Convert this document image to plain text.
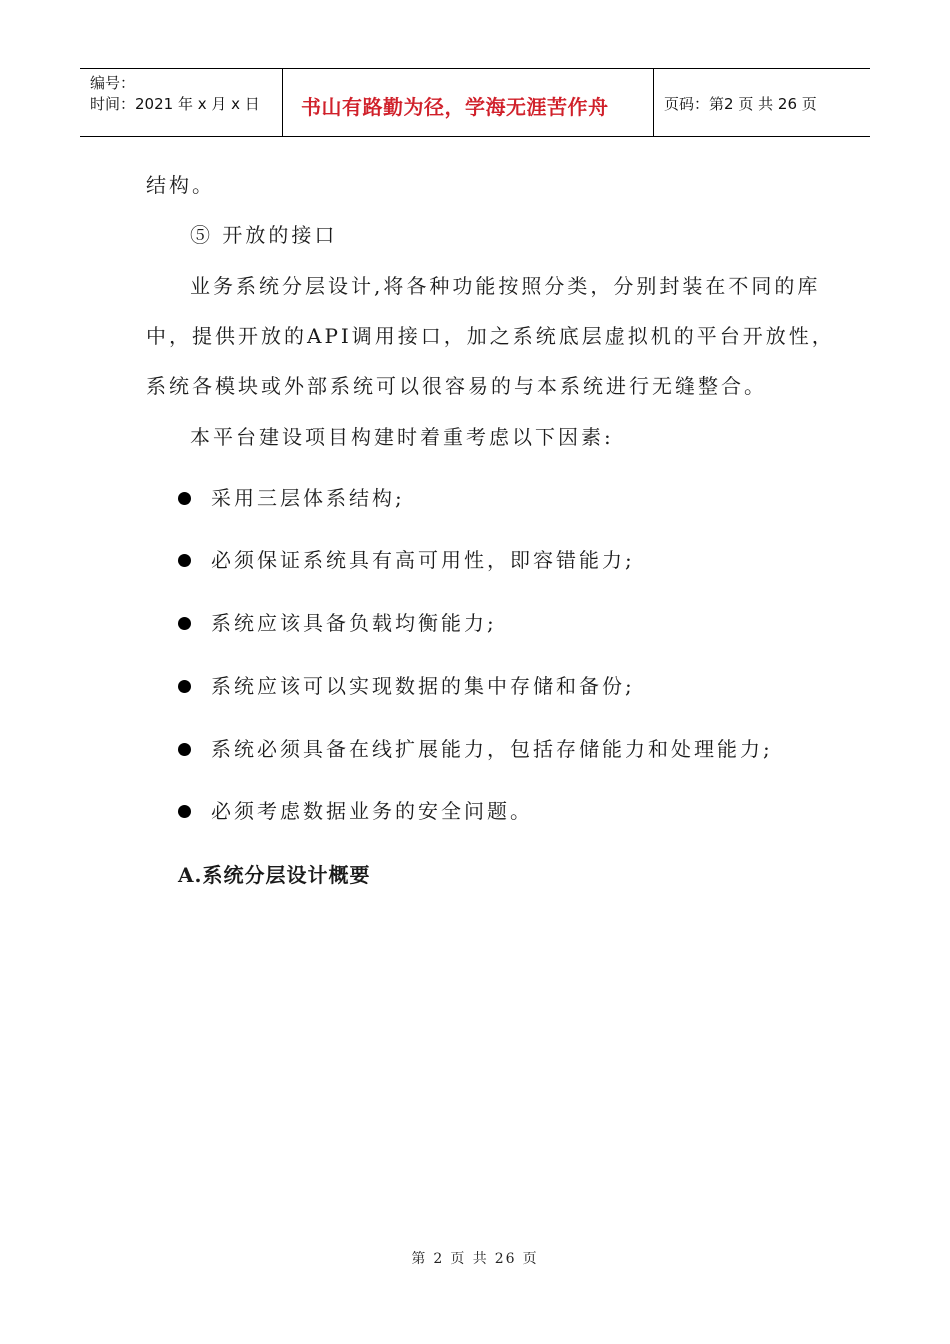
编号：
时间：2021 年 x 月 x 日 书山有路勤为径，学海无涯苦作舟	页码：第2 页 共 26 页
结构。
⑤ 开放的接口
业务系统分层设计,将各种功能按照分类，分别封装在不同的库
中，提供开放的API调用接口，加之系统底层虚拟机的平台开放性，
系统各模块或外部系统可以很容易的与本系统进行无缝整合。
本平台建设项目构建时着重考虑以下因素:
采用三层体系结构;
必须保证系统具有高可用性，即容错能力;
系统应该具备负载均衡能力;
系统应该可以实现数据的集中存储和备份;
系统必须具备在线扩展能力，包括存储能力和处理能力;
必须考虑数据业务的安全问题。
A.系统分层设计概要
第 2 页 共 26 页
